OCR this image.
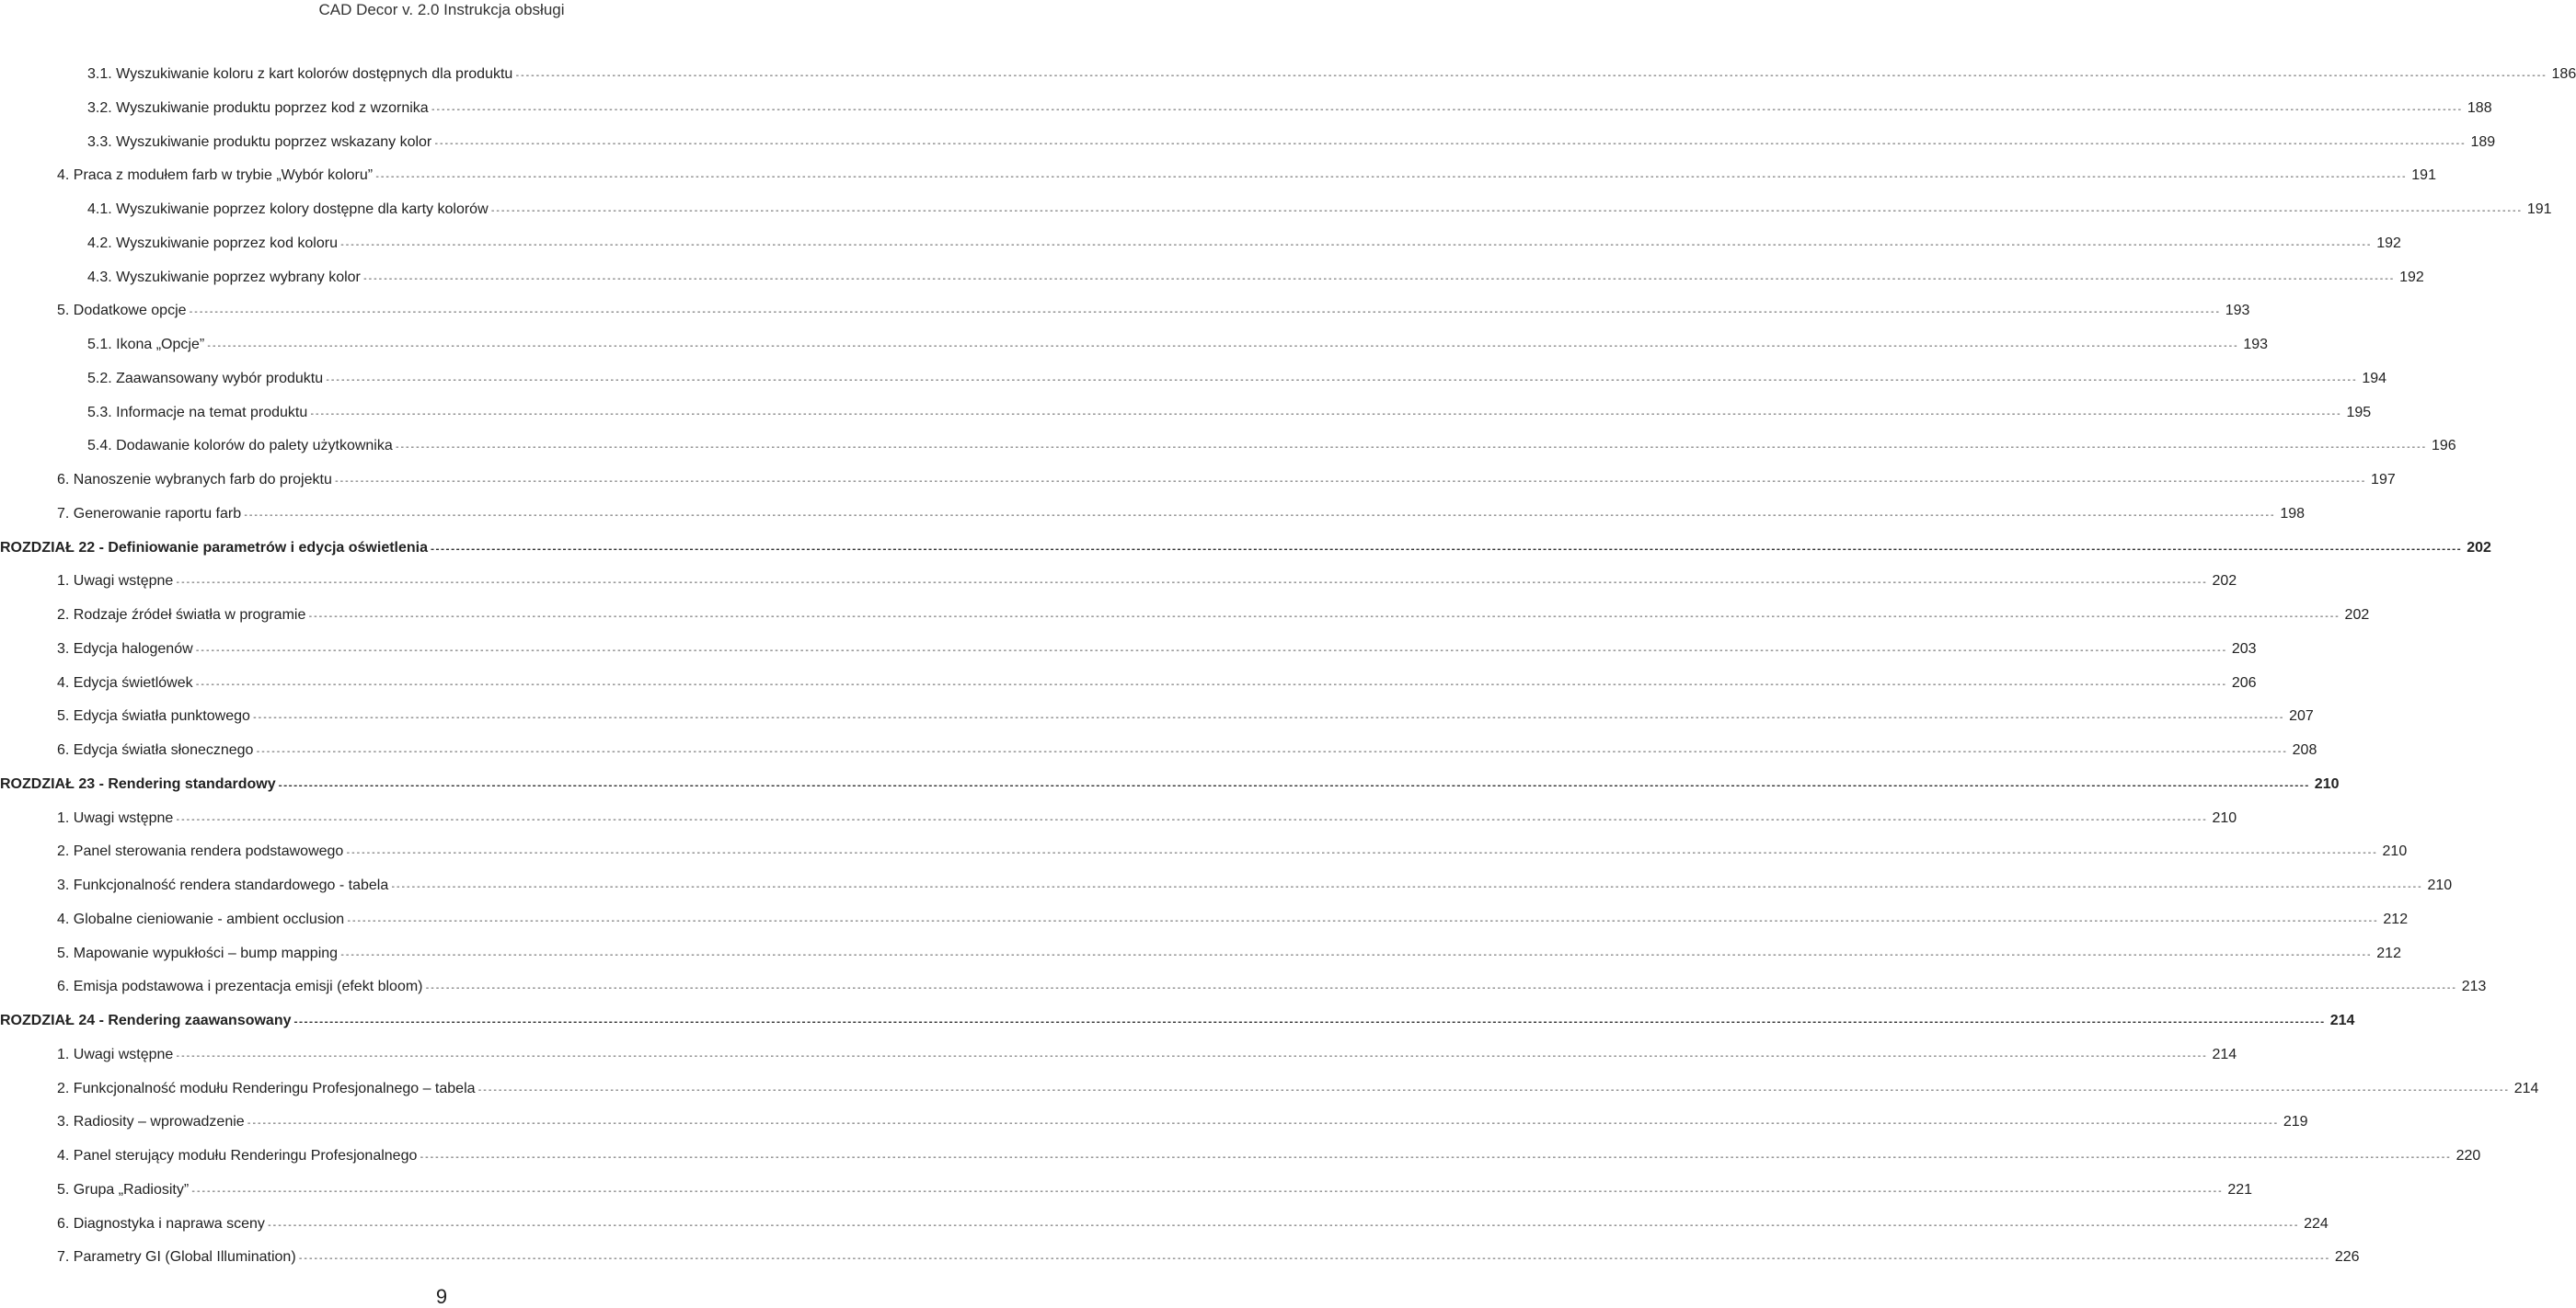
CAD Decor v. 2.0 Instrukcja obsługi
3.1. Wyszukiwanie koloru z kart kolorów dostępnych dla produktu ---------------------------------------------------------------------------------------------------------------------------------------------------------------------------------------------------------------------------------------------------------------------------------------------------------------------------------------------------------------------------------------------------------------- 186
3.2. Wyszukiwanie produktu poprzez kod z wzornika ---------------------------------------------------------------------------------------------------------------------------------------------------------------------------------------------------------------------------------------------------------------------------------------------------------------------------------------------------------------------------------------------------------------- 188
3.3. Wyszukiwanie produktu poprzez wskazany kolor ---------------------------------------------------------------------------------------------------------------------------------------------------------------------------------------------------------------------------------------------------------------------------------------------------------------------------------------------------------------------------------------------------------------- 189
4. Praca z modułem farb w trybie „Wybór koloru” ---------------------------------------------------------------------------------------------------------------------------------------------------------------------------------------------------------------------------------------------------------------------------------------------------------------------------------------------------------------------------------------------------------------- 191
4.1. Wyszukiwanie poprzez kolory dostępne dla karty kolorów ---------------------------------------------------------------------------------------------------------------------------------------------------------------------------------------------------------------------------------------------------------------------------------------------------------------------------------------------------------------------------------------------------------------- 191
4.2. Wyszukiwanie poprzez kod koloru ---------------------------------------------------------------------------------------------------------------------------------------------------------------------------------------------------------------------------------------------------------------------------------------------------------------------------------------------------------------------------------------------------------------- 192
4.3. Wyszukiwanie poprzez wybrany kolor ---------------------------------------------------------------------------------------------------------------------------------------------------------------------------------------------------------------------------------------------------------------------------------------------------------------------------------------------------------------------------------------------------------------- 192
5. Dodatkowe opcje ---------------------------------------------------------------------------------------------------------------------------------------------------------------------------------------------------------------------------------------------------------------------------------------------------------------------------------------------------------------------------------------------------------------- 193
5.1. Ikona „Opcje” ---------------------------------------------------------------------------------------------------------------------------------------------------------------------------------------------------------------------------------------------------------------------------------------------------------------------------------------------------------------------------------------------------------------- 193
5.2. Zaawansowany wybór produktu ---------------------------------------------------------------------------------------------------------------------------------------------------------------------------------------------------------------------------------------------------------------------------------------------------------------------------------------------------------------------------------------------------------------- 194
5.3. Informacje na temat produktu ---------------------------------------------------------------------------------------------------------------------------------------------------------------------------------------------------------------------------------------------------------------------------------------------------------------------------------------------------------------------------------------------------------------- 195
5.4. Dodawanie kolorów do palety użytkownika ---------------------------------------------------------------------------------------------------------------------------------------------------------------------------------------------------------------------------------------------------------------------------------------------------------------------------------------------------------------------------------------------------------------- 196
6. Nanoszenie wybranych farb do projektu ---------------------------------------------------------------------------------------------------------------------------------------------------------------------------------------------------------------------------------------------------------------------------------------------------------------------------------------------------------------------------------------------------------------- 197
7. Generowanie raportu farb ---------------------------------------------------------------------------------------------------------------------------------------------------------------------------------------------------------------------------------------------------------------------------------------------------------------------------------------------------------------------------------------------------------------- 198
ROZDZIAŁ 22 - Definiowanie parametrów i edycja oświetlenia ---------------------------------------------------------------------------------------------------------------------------------------------------------------------------------------------------------------------------------------------------------------------------------------------------------------------------------------------------------------------------------------------------------------- 202
1. Uwagi wstępne ---------------------------------------------------------------------------------------------------------------------------------------------------------------------------------------------------------------------------------------------------------------------------------------------------------------------------------------------------------------------------------------------------------------- 202
2. Rodzaje źródeł światła w programie ---------------------------------------------------------------------------------------------------------------------------------------------------------------------------------------------------------------------------------------------------------------------------------------------------------------------------------------------------------------------------------------------------------------- 202
3. Edycja halogenów ---------------------------------------------------------------------------------------------------------------------------------------------------------------------------------------------------------------------------------------------------------------------------------------------------------------------------------------------------------------------------------------------------------------- 203
4. Edycja świetlówek ---------------------------------------------------------------------------------------------------------------------------------------------------------------------------------------------------------------------------------------------------------------------------------------------------------------------------------------------------------------------------------------------------------------- 206
5. Edycja światła punktowego ---------------------------------------------------------------------------------------------------------------------------------------------------------------------------------------------------------------------------------------------------------------------------------------------------------------------------------------------------------------------------------------------------------------- 207
6. Edycja światła słonecznego ---------------------------------------------------------------------------------------------------------------------------------------------------------------------------------------------------------------------------------------------------------------------------------------------------------------------------------------------------------------------------------------------------------------- 208
ROZDZIAŁ 23 - Rendering standardowy ---------------------------------------------------------------------------------------------------------------------------------------------------------------------------------------------------------------------------------------------------------------------------------------------------------------------------------------------------------------------------------------------------------------- 210
1. Uwagi wstępne ---------------------------------------------------------------------------------------------------------------------------------------------------------------------------------------------------------------------------------------------------------------------------------------------------------------------------------------------------------------------------------------------------------------- 210
2. Panel sterowania rendera podstawowego ---------------------------------------------------------------------------------------------------------------------------------------------------------------------------------------------------------------------------------------------------------------------------------------------------------------------------------------------------------------------------------------------------------------- 210
3. Funkcjonalność rendera standardowego - tabela ---------------------------------------------------------------------------------------------------------------------------------------------------------------------------------------------------------------------------------------------------------------------------------------------------------------------------------------------------------------------------------------------------------------- 210
4. Globalne cieniowanie - ambient occlusion ---------------------------------------------------------------------------------------------------------------------------------------------------------------------------------------------------------------------------------------------------------------------------------------------------------------------------------------------------------------------------------------------------------------- 212
5. Mapowanie wypukłości – bump mapping ---------------------------------------------------------------------------------------------------------------------------------------------------------------------------------------------------------------------------------------------------------------------------------------------------------------------------------------------------------------------------------------------------------------- 212
6. Emisja podstawowa i prezentacja emisji (efekt bloom) ---------------------------------------------------------------------------------------------------------------------------------------------------------------------------------------------------------------------------------------------------------------------------------------------------------------------------------------------------------------------------------------------------------------- 213
ROZDZIAŁ 24 - Rendering zaawansowany ---------------------------------------------------------------------------------------------------------------------------------------------------------------------------------------------------------------------------------------------------------------------------------------------------------------------------------------------------------------------------------------------------------------- 214
1. Uwagi wstępne ---------------------------------------------------------------------------------------------------------------------------------------------------------------------------------------------------------------------------------------------------------------------------------------------------------------------------------------------------------------------------------------------------------------- 214
2. Funkcjonalność modułu Renderingu Profesjonalnego – tabela ---------------------------------------------------------------------------------------------------------------------------------------------------------------------------------------------------------------------------------------------------------------------------------------------------------------------------------------------------------------------------------------------------------------- 214
3. Radiosity – wprowadzenie ---------------------------------------------------------------------------------------------------------------------------------------------------------------------------------------------------------------------------------------------------------------------------------------------------------------------------------------------------------------------------------------------------------------- 219
4. Panel sterujący modułu Renderingu Profesjonalnego ---------------------------------------------------------------------------------------------------------------------------------------------------------------------------------------------------------------------------------------------------------------------------------------------------------------------------------------------------------------------------------------------------------------- 220
5. Grupa „Radiosity” ---------------------------------------------------------------------------------------------------------------------------------------------------------------------------------------------------------------------------------------------------------------------------------------------------------------------------------------------------------------------------------------------------------------- 221
6. Diagnostyka i naprawa sceny ---------------------------------------------------------------------------------------------------------------------------------------------------------------------------------------------------------------------------------------------------------------------------------------------------------------------------------------------------------------------------------------------------------------- 224
7. Parametry GI (Global Illumination) ---------------------------------------------------------------------------------------------------------------------------------------------------------------------------------------------------------------------------------------------------------------------------------------------------------------------------------------------------------------------------------------------------------------- 226
9
